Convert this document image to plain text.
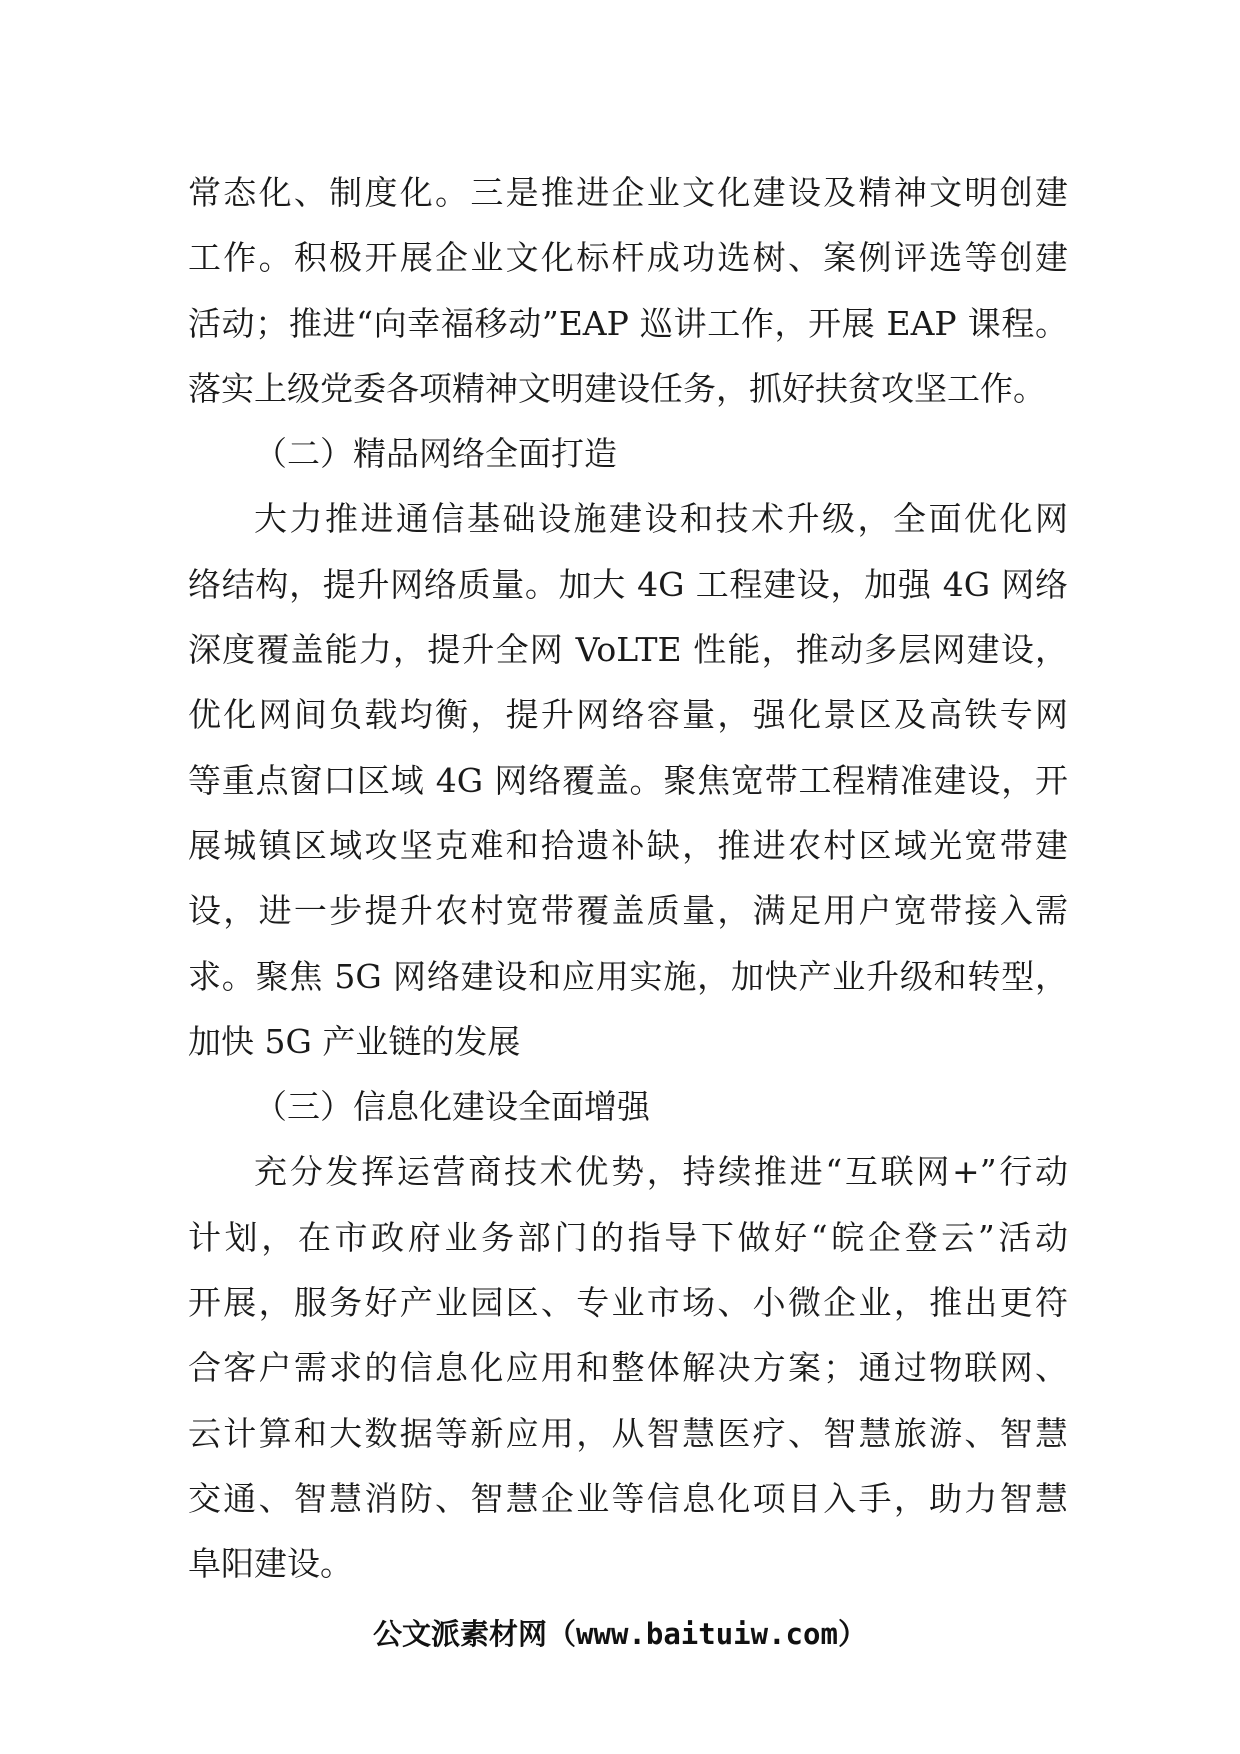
常态化、制度化。三是推进企业文化建设及精神文明创建
工作。积极开展企业文化标杆成功选树、案例评选等创建
活动；推进“向幸福移动”EAP 巡讲工作，开展 EAP 课程。
落实上级党委各项精神文明建设任务，抓好扶贫攻坚工作。
（二）精品网络全面打造
大力推进通信基础设施建设和技术升级，全面优化网
络结构，提升网络质量。加大 4G 工程建设，加强 4G 网络
深度覆盖能力，提升全网 VoLTE 性能，推动多层网建设，
优化网间负载均衡，提升网络容量，强化景区及高铁专网
等重点窗口区域 4G 网络覆盖。聚焦宽带工程精准建设，开
展城镇区域攻坚克难和拾遗补缺，推进农村区域光宽带建
设，进一步提升农村宽带覆盖质量，满足用户宽带接入需
求。聚焦 5G 网络建设和应用实施，加快产业升级和转型，
加快 5G 产业链的发展
（三）信息化建设全面增强
充分发挥运营商技术优势，持续推进“互联网+”行动
计划，在市政府业务部门的指导下做好“皖企登云”活动
开展，服务好产业园区、专业市场、小微企业，推出更符
合客户需求的信息化应用和整体解决方案；通过物联网、
云计算和大数据等新应用，从智慧医疗、智慧旅游、智慧
交通、智慧消防、智慧企业等信息化项目入手，助力智慧
阜阳建设。
公文派素材网（www.baituiw.com）
